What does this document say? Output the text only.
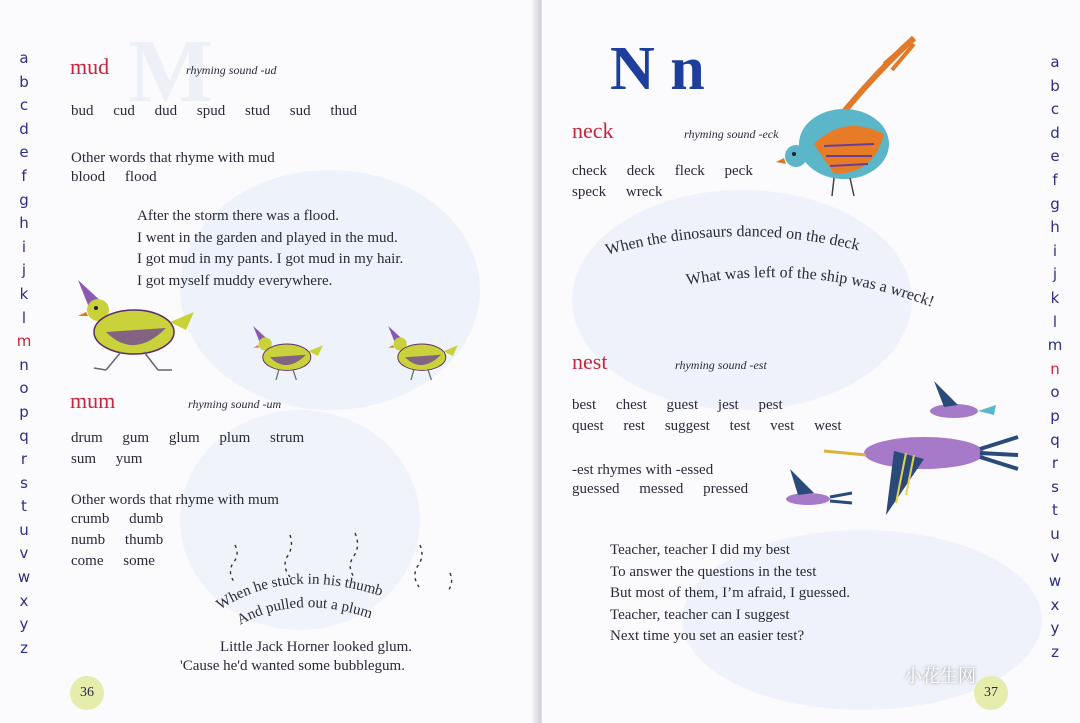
M
a
b
c
d
e
f
g
h
i
j
k
l
m
n
o
p
q
r
s
t
u
v
w
x
y
z
mud	rhyming sound -ud
bud cud dud spud stud sud thud
Other words that rhyme with mud
blood flood
After the storm there was a flood.
I went in the garden and played in the mud.
I got mud in my pants. I got mud in my hair.
I got myself muddy everywhere.
mum	rhyming sound -um
drum gum glum plum strum
sum yum
Other words that rhyme with mum
crumb dumb
numb thumb
come some
When he stuck in his thumb
And pulled out a plum
Little Jack Horner looked glum.
'Cause he'd wanted some bubblegum.
36
N n
neck	rhyming sound -eck
check deck fleck peck
speck wreck
When the dinosaurs danced on the deck
What was left of the ship was a wreck!
nest	rhyming sound -est
best chest guest jest pest
quest rest suggest test vest west
-est rhymes with -essed
guessed messed pressed
Teacher, teacher I did my best
To answer the questions in the test
But most of them, I’m afraid, I guessed.
Teacher, teacher can I suggest
Next time you set an easier test?
37
小花生网
a
b
c
d
e
f
g
h
i
j
k
l
m
n
o
p
q
r
s
t
u
v
w
x
y
z
